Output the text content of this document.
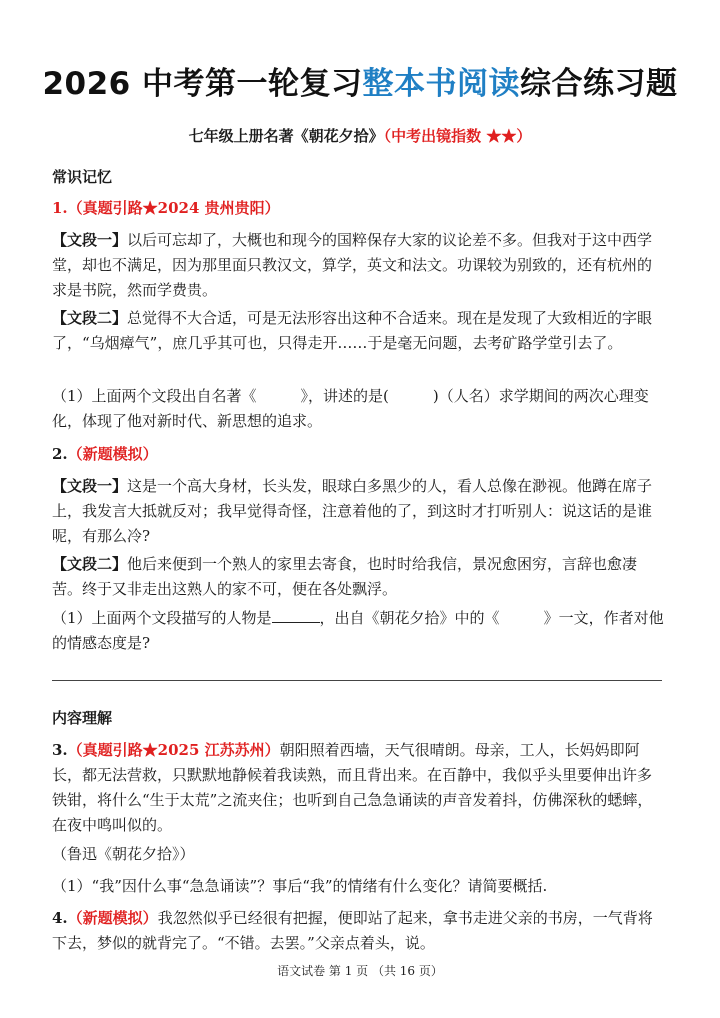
2026 中考第一轮复习整本书阅读综合练习题
七年级上册名著《朝花夕拾》（中考出镜指数 ★★）
常识记忆
1.（真题引路★2024 贵州贵阳）
【文段一】以后可忘却了，大概也和现今的国粹保存大家的议论差不多。但我对于这中西学堂，却也不满足，因为那里面只教汉文，算学，英文和法文。功课较为别致的，还有杭州的求是书院，然而学费贵。
【文段二】总觉得不大合适，可是无法形容出这种不合适来。现在是发现了大致相近的字眼了，“乌烟瘴气”，庶几乎其可也，只得走开……于是毫无问题，去考矿路学堂引去了。
（1）上面两个文段出自名著《	》，讲述的是(	)（人名）求学期间的两次心理变化，体现了他对新时代、新思想的追求。
2.（新题模拟）
【文段一】这是一个高大身材，长头发，眼球白多黑少的人，看人总像在渺视。他蹲在席子上，我发言大抵就反对；我早觉得奇怪，注意着他的了，到这时才打听别人：说这话的是谁呢，有那么冷?
【文段二】他后来便到一个熟人的家里去寄食，也时时给我信，景况愈困穷，言辞也愈凄苦。终于又非走出这熟人的家不可，便在各处飘浮。
（1）上面两个文段描写的人物是	，出自《朝花夕拾》中的《	》一文，作者对他的情感态度是?
内容理解
3.（真题引路★2025 江苏苏州）朝阳照着西墙，天气很晴朗。母亲，工人，长妈妈即阿长，都无法营救，只默默地静候着我读熟，而且背出来。在百静中，我似乎头里要伸出许多铁钳，将什么“生于太荒”之流夹住；也听到自己急急诵读的声音发着抖，仿佛深秋的蟋蟀，在夜中鸣叫似的。
（鲁迅《朝花夕拾》）
（1）“我”因什么事“急急诵读”？事后“我”的情绪有什么变化？请简要概括.
4.（新题模拟）我忽然似乎已经很有把握，便即站了起来，拿书走进父亲的书房，一气背将下去，梦似的就背完了。“不错。去罢。”父亲点着头，说。
语文试卷 第 1 页 （共 16 页）
